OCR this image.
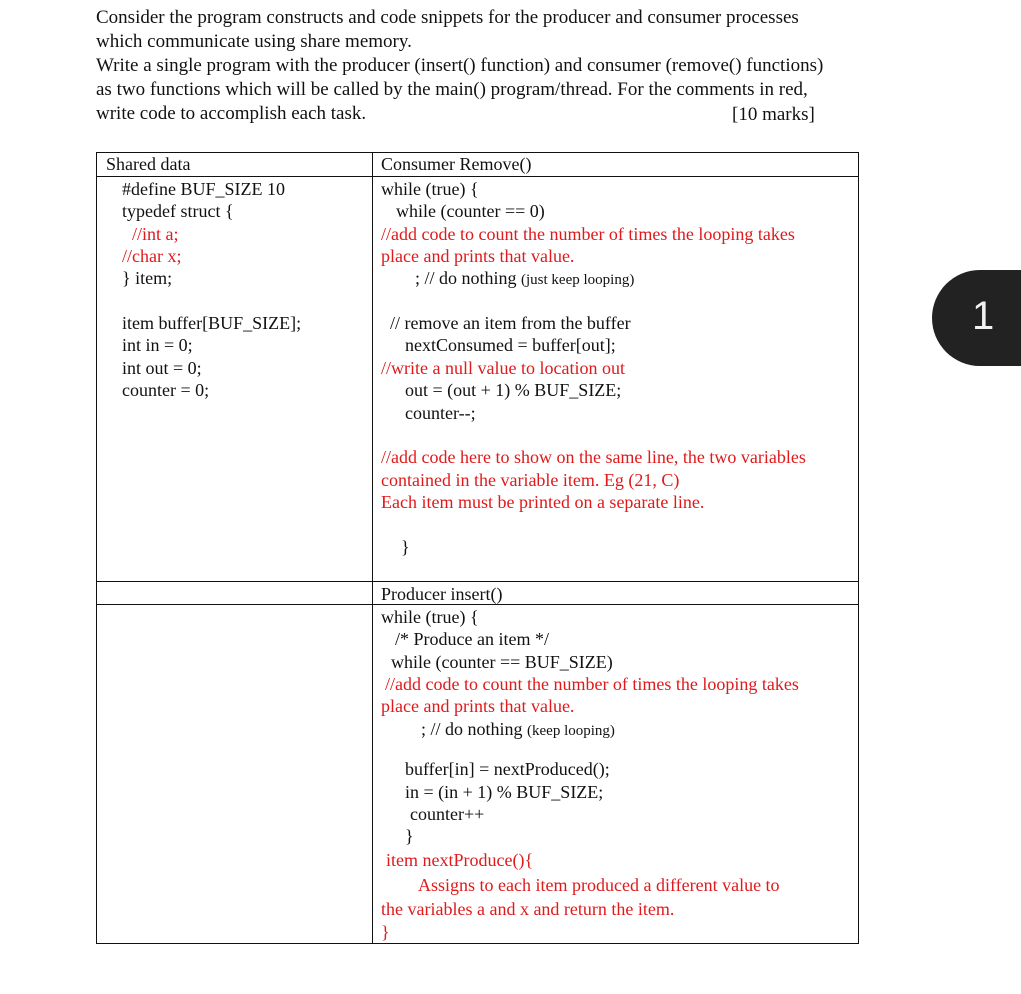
Consider the program constructs and code snippets for the producer and consumer processes
which communicate using share memory.
Write a single program with the producer (insert() function) and consumer (remove() functions)
as two functions which will be called by the main() program/thread. For the comments in red,
write code to accomplish each task.	[10 marks]
Shared data
#define BUF_SIZE 10
typedef struct {
//int a;
//char x;
} item;
item buffer[BUF_SIZE];
int in = 0;
int out = 0;
counter = 0;
Consumer Remove()
while (true) {
while (counter == 0)
//add code to count the number of times the looping takes
place and prints that value.
; // do nothing (just keep looping)
// remove an item from the buffer
nextConsumed = buffer[out];
//write a null value to location out
out = (out + 1) % BUF_SIZE;
counter--;
//add code here to show on the same line, the two variables
contained in the variable item. Eg (21, C)
Each item must be printed on a separate line.
}
Producer insert()
while (true) {
/* Produce an item */
while (counter == BUF_SIZE)
//add code to count the number of times the looping takes
place and prints that value.
; // do nothing (keep looping)
buffer[in] = nextProduced();
in = (in + 1) % BUF_SIZE;
counter++
}
item nextProduce(){
Assigns to each item produced a different value to
the variables a and x and return the item.
}
1
